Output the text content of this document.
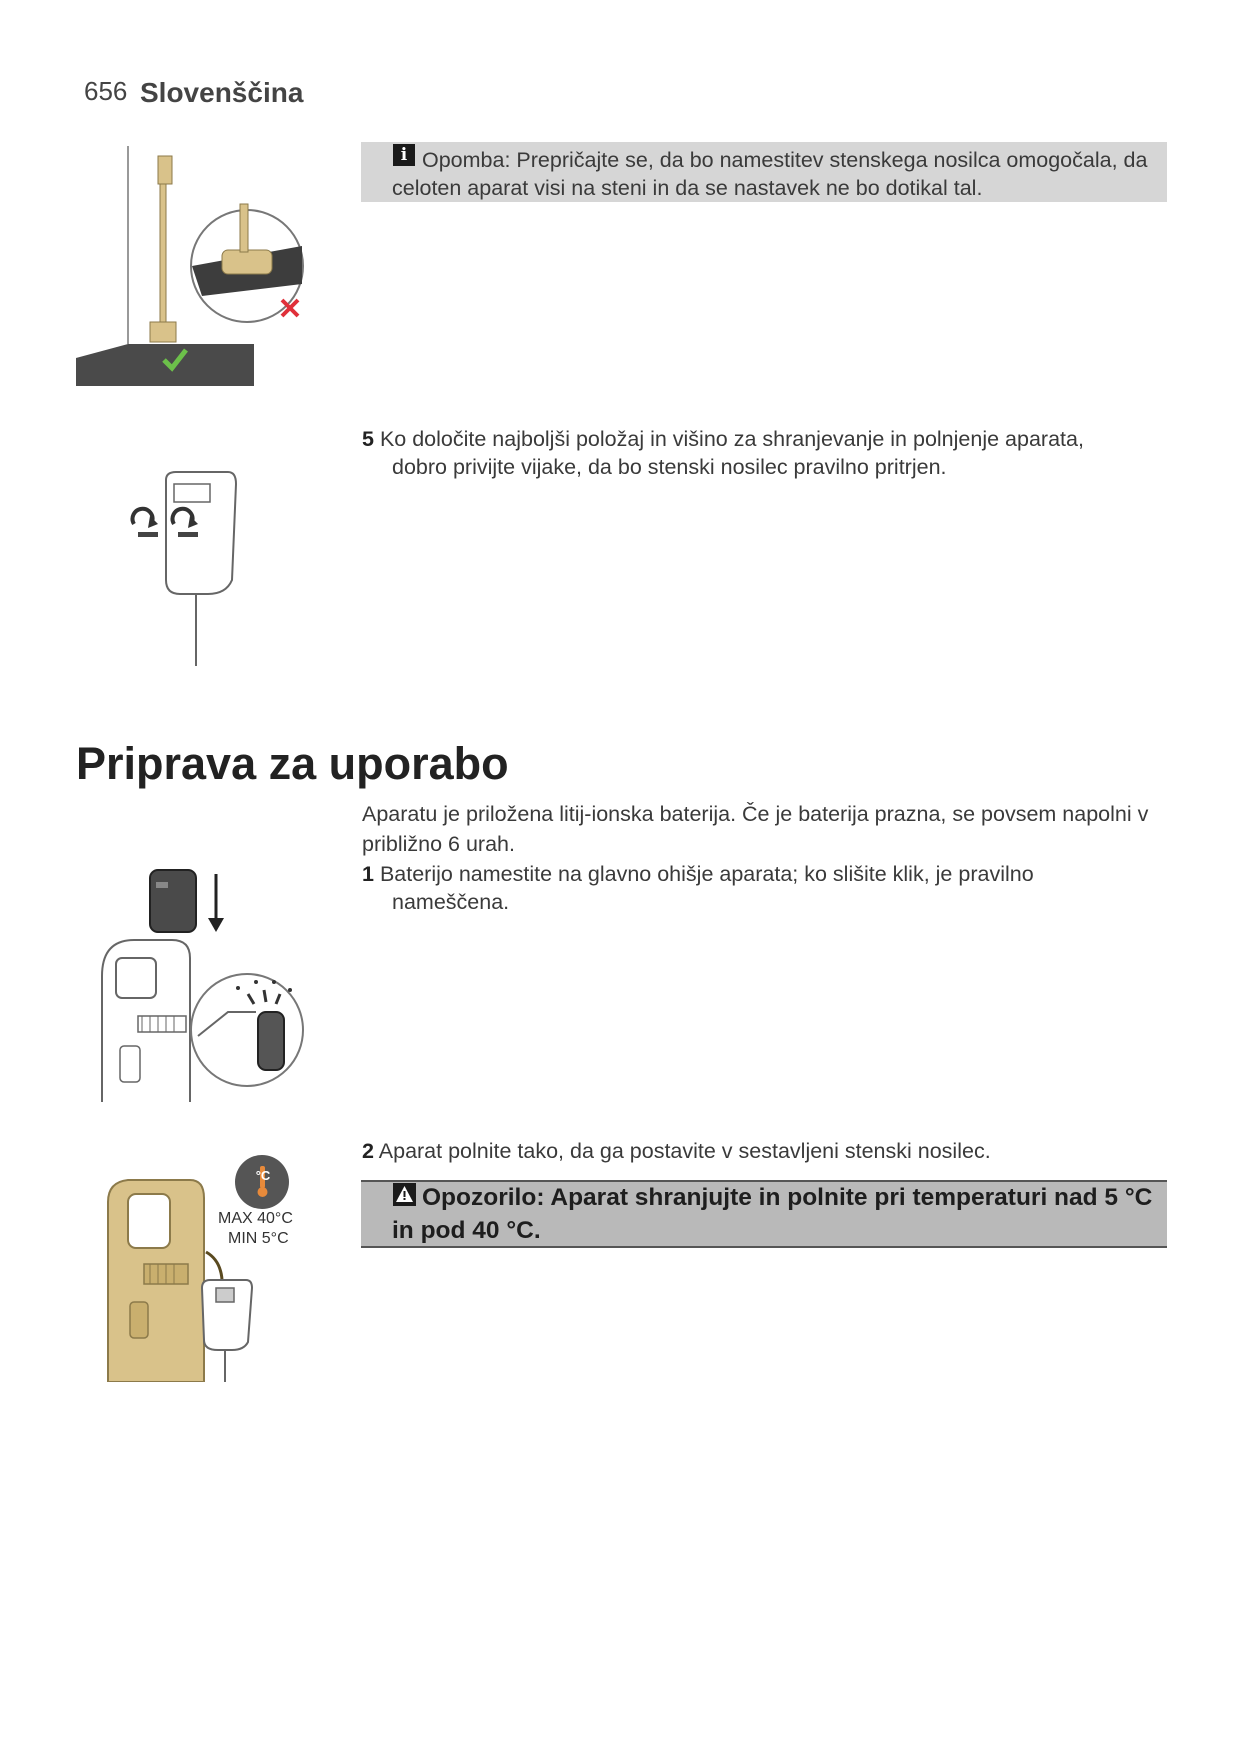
656 Slovenščina
i Opomba: Prepričajte se, da bo namestitev stenskega nosilca omogočala, da celoten aparat visi na steni in da se nastavek ne bo dotikal tal.
5 Ko določite najboljši položaj in višino za shranjevanje in polnjenje aparata,
dobro privijte vijake, da bo stenski nosilec pravilno pritrjen.
Priprava za uporabo
Aparatu je priložena litij-ionska baterija. Če je baterija prazna, se povsem napolni v približno 6 urah.
1 Baterijo namestite na glavno ohišje aparata; ko slišite klik, je pravilno
nameščena.
2 Aparat polnite tako, da ga postavite v sestavljeni stenski nosilec.
Opozorilo: Aparat shranjujte in polnite pri temperaturi nad 5 °C in pod 40 °C.
°C
MAX 40°C
MIN 5°C
